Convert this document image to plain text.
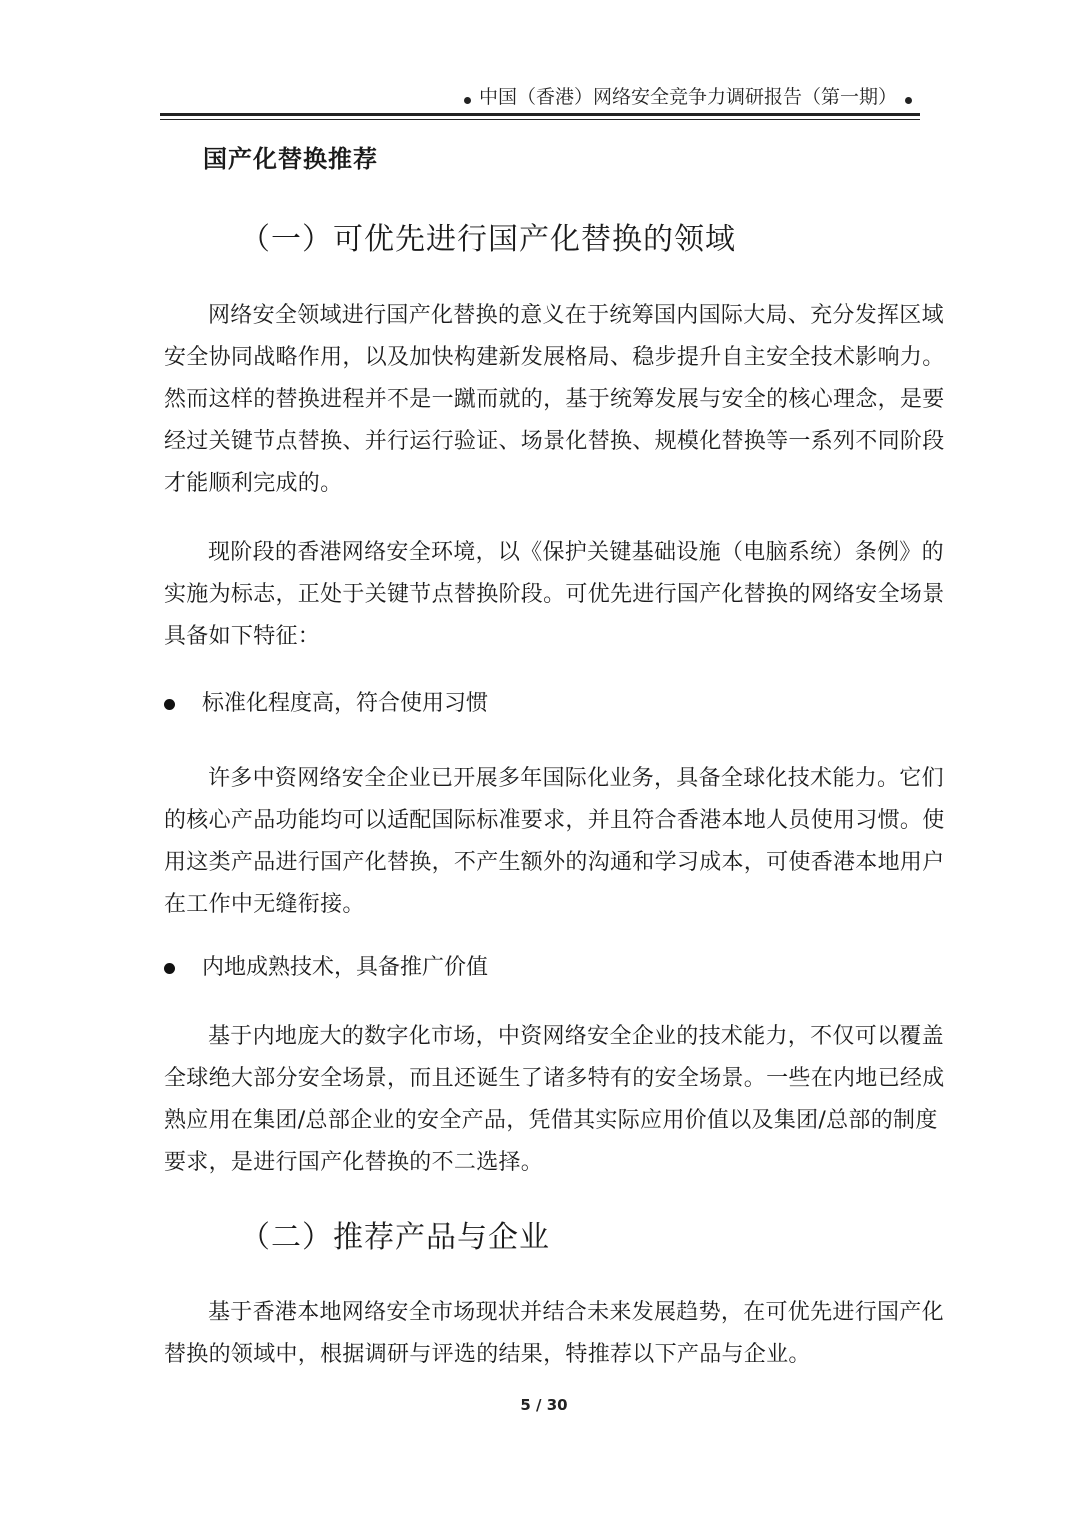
中国（香港）网络安全竞争力调研报告（第一期）
国产化替换推荐
（一）可优先进行国产化替换的领域

网络安全领域进行国产化替换的意义在于统筹国内国际大局、充分发挥区域
安全协同战略作用，以及加快构建新发展格局、稳步提升自主安全技术影响力。
然而这样的替换进程并不是一蹴而就的，基于统筹发展与安全的核心理念，是要
经过关键节点替换、并行运行验证、场景化替换、规模化替换等一系列不同阶段
才能顺利完成的。

现阶段的香港网络安全环境，以《保护关键基础设施（电脑系统）条例》的
实施为标志，正处于关键节点替换阶段。可优先进行国产化替换的网络安全场景
具备如下特征：

标准化程度高，符合使用习惯

许多中资网络安全企业已开展多年国际化业务，具备全球化技术能力。它们
的核心产品功能均可以适配国际标准要求，并且符合香港本地人员使用习惯。使
用这类产品进行国产化替换，不产生额外的沟通和学习成本，可使香港本地用户
在工作中无缝衔接。

内地成熟技术，具备推广价值

基于内地庞大的数字化市场，中资网络安全企业的技术能力，不仅可以覆盖
全球绝大部分安全场景，而且还诞生了诸多特有的安全场景。一些在内地已经成
熟应用在集团/总部企业的安全产品，凭借其实际应用价值以及集团/总部的制度
要求，是进行国产化替换的不二选择。

（二）推荐产品与企业

基于香港本地网络安全市场现状并结合未来发展趋势，在可优先进行国产化
替换的领域中，根据调研与评选的结果，特推荐以下产品与企业。

5 / 30
